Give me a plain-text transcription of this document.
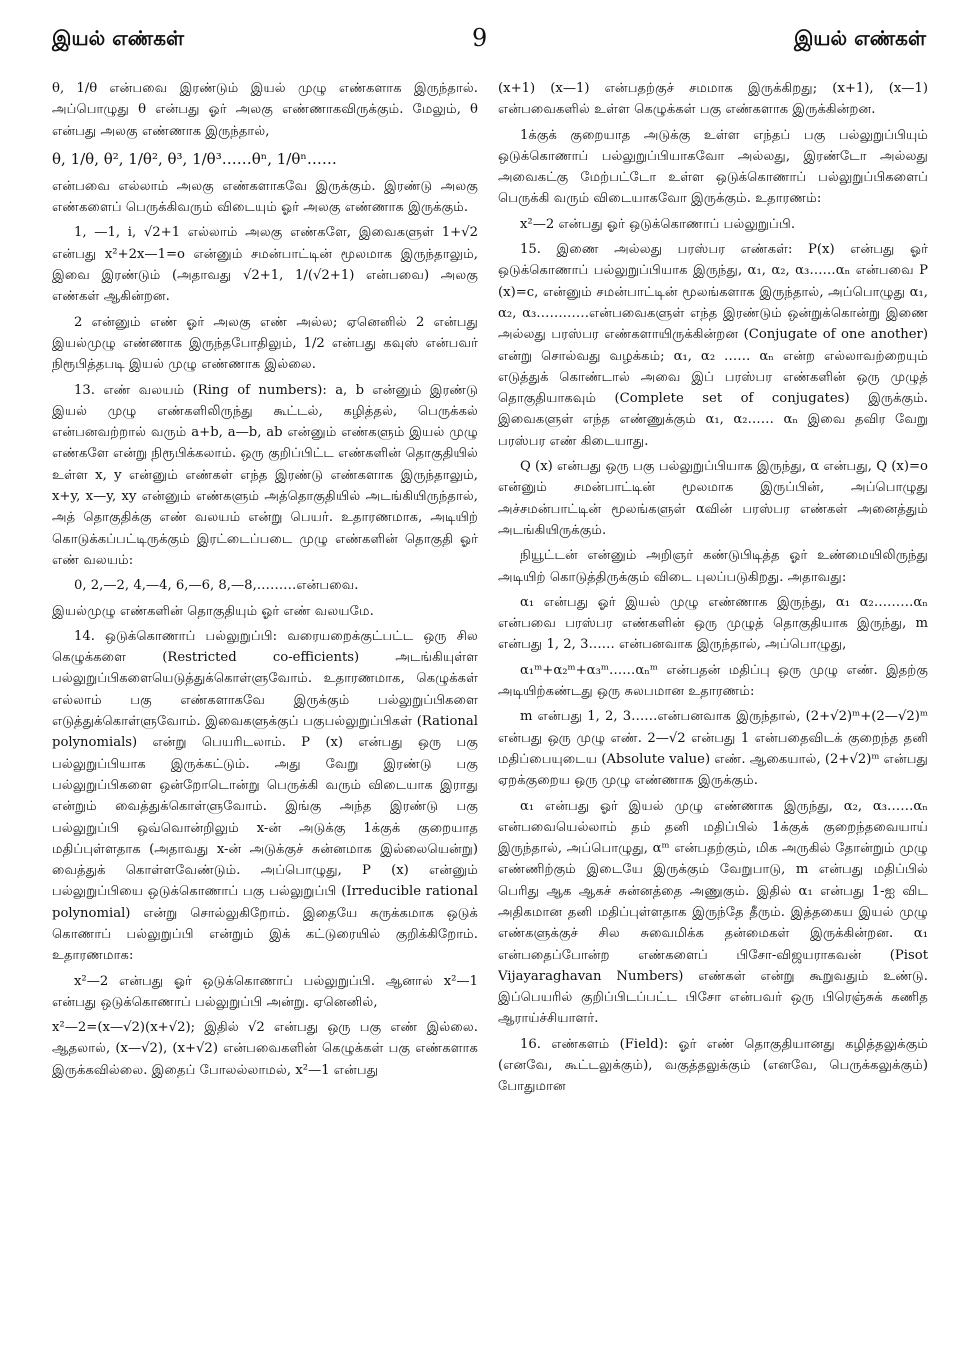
இயல் எண்கள்	9	இயல் எண்கள்

θ, 1/θ என்பவை இரண்டும் இயல் முழு எண்களாக இருந்தால். அப்பொழுது θ என்பது ஓர் அலகு எண்ணாகவிருக்கும். மேலும், θ என்பது அலகு எண்ணாக இருந்தால்,

θ, 1/θ, θ², 1/θ², θ³, 1/θ³……θⁿ, 1/θⁿ……

என்பவை எல்லாம் அலகு எண்களாகவே இருக்கும். இரண்டு அலகு எண்களைப் பெருக்கிவரும் விடையும் ஓர் அலகு எண்ணாக இருக்கும்.

1, —1, i, √2+1 எல்லாம் அலகு எண்களே, இவைகளுள் 1+√2 என்பது x²+2x—1=o என்னும் சமன்பாட்டின் மூலமாக இருந்தாலும், இவை இரண்டும் (அதாவது √2+1, 1/(√2+1) என்பவை) அலகு எண்கள் ஆகின்றன.

2 என்னும் எண் ஓர் அலகு எண் அல்ல; ஏனெனில் 2 என்பது இயல்முழு எண்ணாக இருந்தபோதிலும், 1/2 என்பது கவுஸ் என்பவர் நிரூபித்தபடி இயல் முழு எண்ணாக இல்லை.

13. எண் வலயம் (Ring of numbers): a, b என்னும் இரண்டு இயல் முழு எண்களிலிருந்து கூட்டல், கழித்தல், பெருக்கல் என்பனவற்றால் வரும் a+b, a—b, ab என்னும் எண்களும் இயல் முழு எண்களே என்று நிரூபிக்கலாம். ஒரு குறிப்பிட்ட எண்களின் தொகுதியில் உள்ள x, y என்னும் எண்கள் எந்த இரண்டு எண்களாக இருந்தாலும், x+y, x—y, xy என்னும் எண்களும் அத்தொகுதியில் அடங்கியிருந்தால், அத் தொகுதிக்கு எண் வலயம் என்று பெயர். உதாரணமாக, அடியிற் கொடுக்கப்பட்டிருக்கும் இரட்டைப்படை முழு எண்களின் தொகுதி ஓர் எண் வலயம்:

0, 2,—2, 4,—4, 6,—6, 8,—8,………என்பவை.

இயல்முழு எண்களின் தொகுதியும் ஓர் எண் வலயமே.

14. ஒடுக்கொணாப் பல்லுறுப்பி: வரையறைக்குட்பட்ட ஒரு சில கெழுக்களை (Restricted co-efficients) அடங்கியுள்ள பல்லுறுப்பிகளையெடுத்துக்கொள்ளுவோம். உதாரணமாக, கெழுக்கள் எல்லாம் பகு எண்களாகவே இருக்கும் பல்லுறுப்பிகளை எடுத்துக்கொள்ளுவோம். இவைகளுக்குப் பகுபல்லுறுப்பிகள் (Rational polynomials) என்று பெயரிடலாம். P (x) என்பது ஒரு பகு பல்லுறுப்பியாக இருக்கட்டும். அது வேறு இரண்டு பகு பல்லுறுப்பிகளை ஒன்றோடொன்று பெருக்கி வரும் விடையாக இராது என்றும் வைத்துக்கொள்ளுவோம். இங்கு அந்த இரண்டு பகு பல்லுறுப்பி ஒவ்வொன்றிலும் x-ன் அடுக்கு 1க்குக் குறையாத மதிப்புள்ளதாக (அதாவது x-ன் அடுக்குச் சுன்னமாக இல்லையென்று) வைத்துக் கொள்ளவேண்டும். அப்பொழுது, P (x) என்னும் பல்லுறுப்பியை ஒடுக்கொணாப் பகு பல்லுறுப்பி (Irreducible rational polynomial) என்று சொல்லுகிறோம். இதையே சுருக்கமாக ஒடுக் கொணாப் பல்லுறுப்பி என்றும் இக் கட்டுரையில் குறிக்கிறோம். உதாரணமாக:

x²—2 என்பது ஓர் ஒடுக்கொணாப் பல்லுறுப்பி. ஆனால் x²—1 என்பது ஒடுக்கொணாப் பல்லுறுப்பி அன்று. ஏனெனில்,

x²—2=(x—√2)(x+√2); இதில் √2 என்பது ஒரு பகு எண் இல்லை. ஆதலால், (x—√2), (x+√2) என்பவைகளின் கெழுக்கள் பகு எண்களாக இருக்கவில்லை. இதைப் போலல்லாமல், x²—1 என்பது

(x+1) (x—1) என்பதற்குச் சமமாக இருக்கிறது; (x+1), (x—1) என்பவைகளில் உள்ள கெழுக்கள் பகு எண்களாக இருக்கின்றன.

1க்குக் குறையாத அடுக்கு உள்ள எந்தப் பகு பல்லுறுப்பியும் ஒடுக்கொணாப் பல்லுறுப்பியாகவோ அல்லது, இரண்டோ அல்லது அவைகட்கு மேற்பட்டோ உள்ள ஒடுக்கொணாப் பல்லுறுப்பிகளைப் பெருக்கி வரும் விடையாகவோ இருக்கும். உதாரணம்:

x²—2 என்பது ஓர் ஒடுக்கொணாப் பல்லுறுப்பி.

15. இணை அல்லது பரஸ்பர எண்கள்: P(x) என்பது ஓர் ஒடுக்கொணாப் பல்லுறுப்பியாக இருந்து, α₁, α₂, α₃……αₙ என்பவை P (x)=c, என்னும் சமன்பாட்டின் மூலங்களாக இருந்தால், அப்பொழுது α₁, α₂, α₃…………என்பவைகளுள் எந்த இரண்டும் ஒன்றுக்கொன்று இணை அல்லது பரஸ்பர எண்களாயிருக்கின்றன (Conjugate of one another) என்று சொல்வது வழக்கம்; α₁, α₂ …… αₙ என்ற எல்லாவற்றையும் எடுத்துக் கொண்டால் அவை இப் பரஸ்பர எண்களின் ஒரு முழுத் தொகுதியாகவும் (Complete set of conjugates) இருக்கும். இவைகளுள் எந்த எண்ணுக்கும் α₁, α₂…… αₙ இவை தவிர வேறு பரஸ்பர எண் கிடையாது.

Q (x) என்பது ஒரு பகு பல்லுறுப்பியாக இருந்து, α என்பது, Q (x)=o என்னும் சமன்பாட்டின் மூலமாக இருப்பின், அப்பொழுது அச்சமன்பாட்டின் மூலங்களுள் αவின் பரஸ்பர எண்கள் அனைத்தும் அடங்கியிருக்கும்.

நியூட்டன் என்னும் அறிஞர் கண்டுபிடித்த ஓர் உண்மையிலிருந்து அடியிற் கொடுத்திருக்கும் விடை புலப்படுகிறது. அதாவது:

α₁ என்பது ஓர் இயல் முழு எண்ணாக இருந்து, α₁ α₂………αₙ என்பவை பரஸ்பர எண்களின் ஒரு முழுத் தொகுதியாக இருந்து, m என்பது 1, 2, 3…… என்பனவாக இருந்தால், அப்பொழுது,

α₁ᵐ+α₂ᵐ+α₃ᵐ……αₙᵐ என்பதன் மதிப்பு ஒரு முழு எண். இதற்கு அடியிற்கண்டது ஒரு சுலபமான உதாரணம்:

m என்பது 1, 2, 3……என்பனவாக இருந்தால், (2+√2)ᵐ+(2—√2)ᵐ என்பது ஒரு முழு எண். 2—√2 என்பது 1 என்பதைவிடக் குறைந்த தனி மதிப்பையுடைய (Absolute value) எண். ஆகையால், (2+√2)ᵐ என்பது ஏறக்குறைய ஒரு முழு எண்ணாக இருக்கும்.

α₁ என்பது ஓர் இயல் முழு எண்ணாக இருந்து, α₂, α₃……αₙ என்பவையெல்லாம் தம் தனி மதிப்பில் 1க்குக் குறைந்தவையாய் இருந்தால், அப்பொழுது, αᵐ என்பதற்கும், மிக அருகில் தோன்றும் முழு எண்ணிற்கும் இடையே இருக்கும் வேறுபாடு, m என்பது மதிப்பில் பெரிது ஆக ஆகச் சுன்னத்தை அணுகும். இதில் α₁ என்பது 1-ஐ விட அதிகமான தனி மதிப்புள்ளதாக இருந்தே தீரும். இத்தகைய இயல் முழு எண்களுக்குச் சில சுவைமிக்க தன்மைகள் இருக்கின்றன. α₁ என்பதைப்போன்ற எண்களைப் பிசோ-விஜயராகவன் (Pisot Vijayaraghavan Numbers) எண்கள் என்று கூறுவதும் உண்டு. இப்பெயரில் குறிப்பிடப்பட்ட பிசோ என்பவர் ஒரு பிரெஞ்சுக் கணித ஆராய்ச்சியாளர்.

16. எண்களம் (Field): ஓர் எண் தொகுதியானது கழித்தலுக்கும் (எனவே, கூட்டலுக்கும்), வகுத்தலுக்கும் (எனவே, பெருக்கலுக்கும்) போதுமான
